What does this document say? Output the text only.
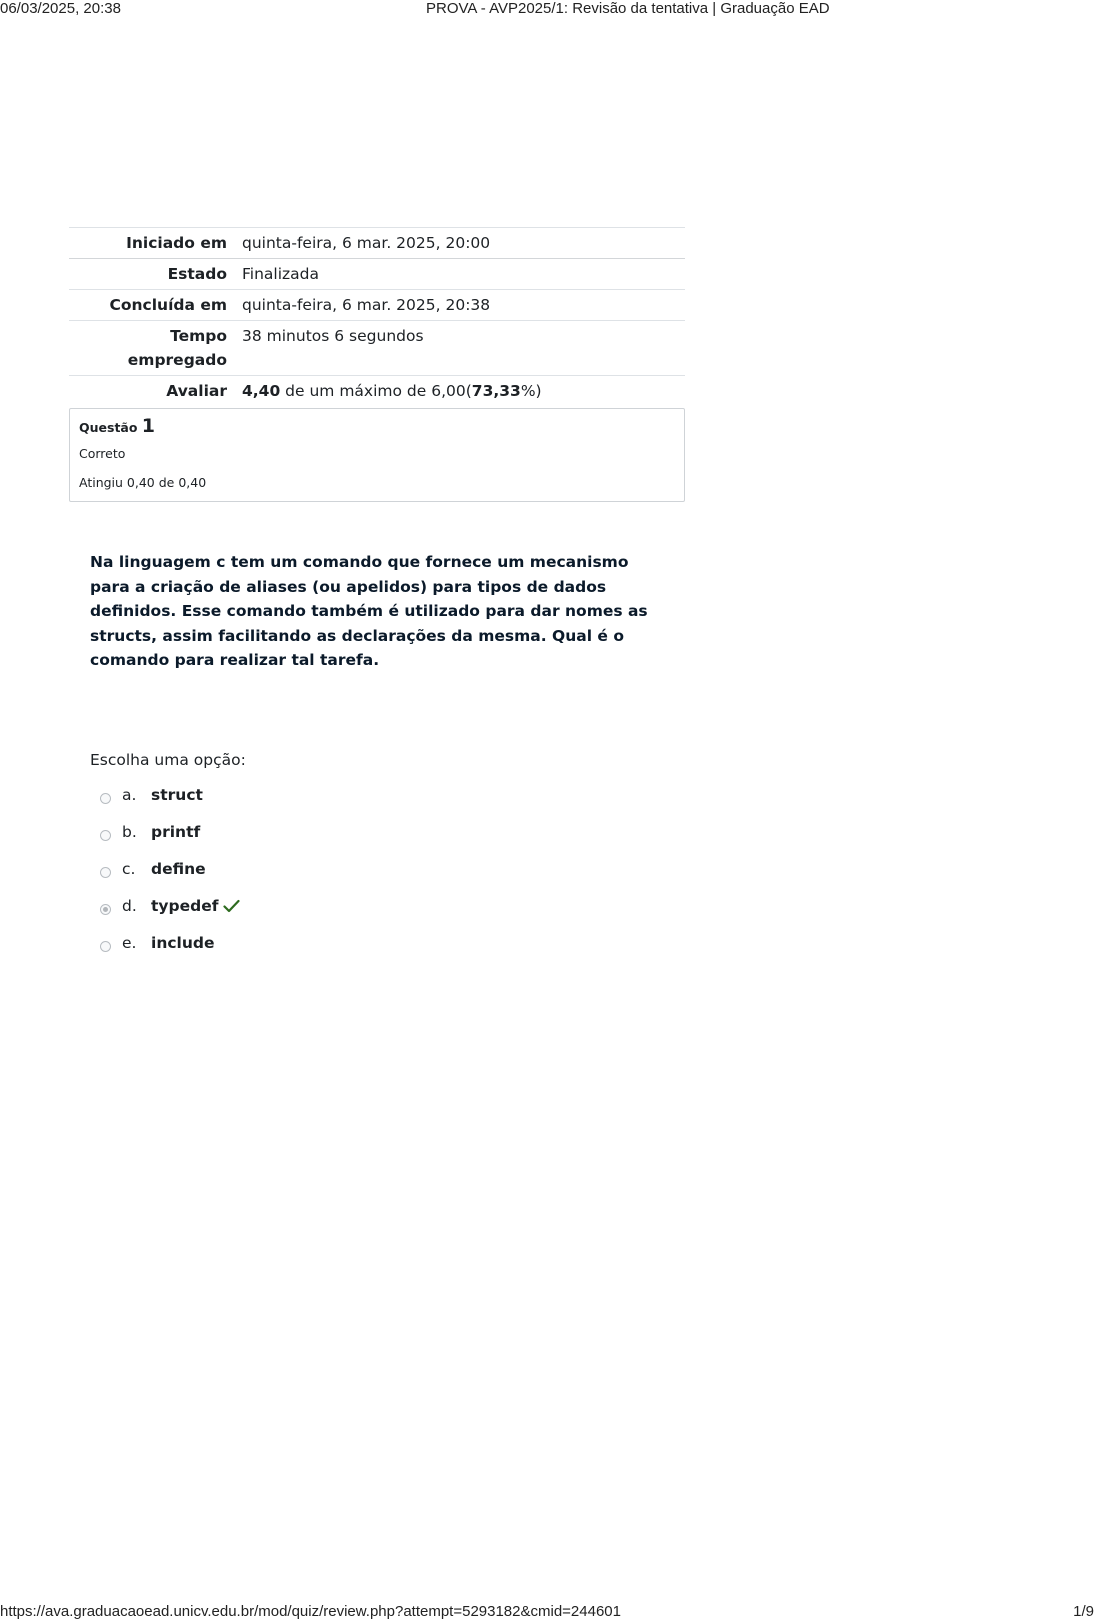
06/03/2025, 20:38	PROVA - AVP2025/1: Revisão da tentativa | Graduação EAD
Iniciado em	quinta-feira, 6 mar. 2025, 20:00
Estado	Finalizada
Concluída em	quinta-feira, 6 mar. 2025, 20:38
Tempo
empregado	38 minutos 6 segundos
Avaliar	4,40 de um máximo de 6,00(73,33%)
Questão 1
Correto
Atingiu 0,40 de 0,40
Na linguagem c tem um comando que fornece um mecanismo para a criação de aliases (ou apelidos) para tipos de dados definidos. Esse comando também é utilizado para dar nomes as structs, assim facilitando as declarações da mesma. Qual é o comando para realizar tal tarefa.
Escolha uma opção:
a. struct
b. printf
c. define
d. typedef
e. include
https://ava.graduacaoead.unicv.edu.br/mod/quiz/review.php?attempt=5293182&cmid=244601	1/9
